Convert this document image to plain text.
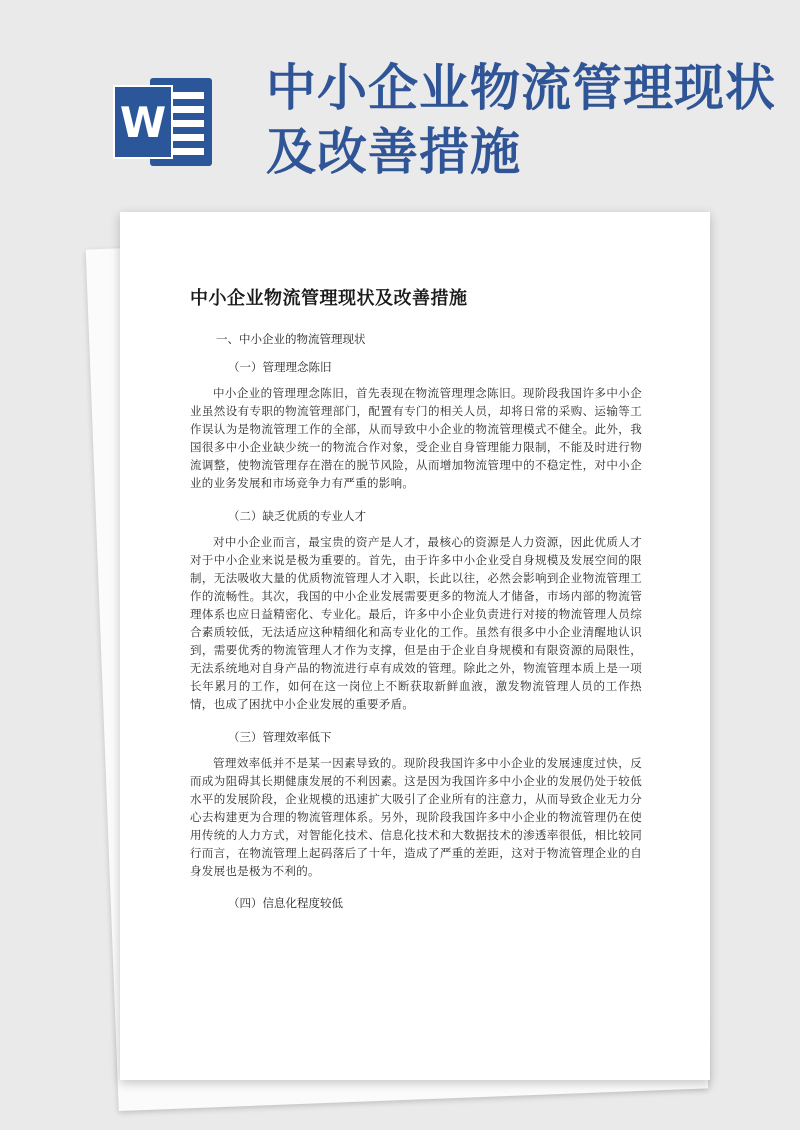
W
中小企业物流管理现状及改善措施
中小企业物流管理现状及改善措施

一、中小企业的物流管理现状

（一）管理理念陈旧

中小企业的管理理念陈旧，首先表现在物流管理理念陈旧。现阶段我国许多中小企业虽然设有专职的物流管理部门，配置有专门的相关人员，却将日常的采购、运输等工作误认为是物流管理工作的全部，从而导致中小企业的物流管理模式不健全。此外，我国很多中小企业缺少统一的物流合作对象，受企业自身管理能力限制，不能及时进行物流调整，使物流管理存在潜在的脱节风险，从而增加物流管理中的不稳定性，对中小企业的业务发展和市场竞争力有严重的影响。

（二）缺乏优质的专业人才

对中小企业而言，最宝贵的资产是人才，最核心的资源是人力资源，因此优质人才对于中小企业来说是极为重要的。首先，由于许多中小企业受自身规模及发展空间的限制，无法吸收大量的优质物流管理人才入职，长此以往，必然会影响到企业物流管理工作的流畅性。其次，我国的中小企业发展需要更多的物流人才储备，市场内部的物流管理体系也应日益精密化、专业化。最后，许多中小企业负责进行对接的物流管理人员综合素质较低，无法适应这种精细化和高专业化的工作。虽然有很多中小企业清醒地认识到，需要优秀的物流管理人才作为支撑，但是由于企业自身规模和有限资源的局限性，无法系统地对自身产品的物流进行卓有成效的管理。除此之外，物流管理本质上是一项长年累月的工作，如何在这一岗位上不断获取新鲜血液，激发物流管理人员的工作热情，也成了困扰中小企业发展的重要矛盾。

（三）管理效率低下

管理效率低并不是某一因素导致的。现阶段我国许多中小企业的发展速度过快，反而成为阻碍其长期健康发展的不利因素。这是因为我国许多中小企业的发展仍处于较低水平的发展阶段，企业规模的迅速扩大吸引了企业所有的注意力，从而导致企业无力分心去构建更为合理的物流管理体系。另外，现阶段我国许多中小企业的物流管理仍在使用传统的人力方式，对智能化技术、信息化技术和大数据技术的渗透率很低，相比较同行而言，在物流管理上起码落后了十年，造成了严重的差距，这对于物流管理企业的自身发展也是极为不利的。

（四）信息化程度较低
